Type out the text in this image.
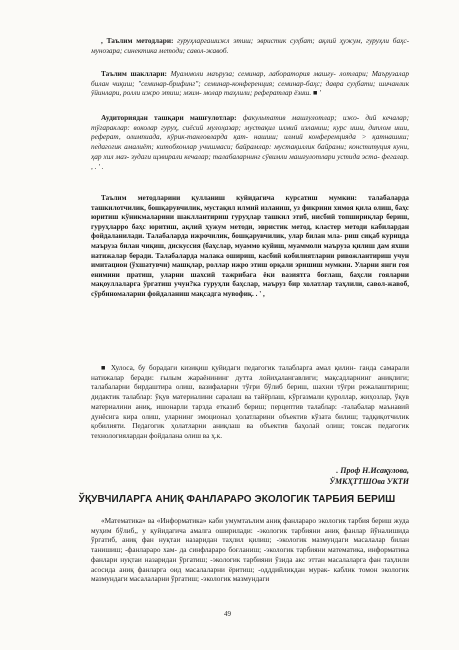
, Таълим методлари: гуруҳларгашижл этиш; эвристик суҳбат; ақлий ҳужум, гуруҳли баҳс-мунозара; синектика методи; савол-жавоб.
Таълим шакллари: Муаммоли маъруза; семинар, лаборатория машғу- лотлари; Маърузалар билан чиқиш; "семинар-брифинг"; семинар-конференция; семинар-баҳс; давра суҳбати; шичанлик ўйинлари, ролли ижро этиш; мзим- молар таҳлили; рефератлар ёзиш. ■ '
Аудиториядан ташқари машғулотлар: факультатив машғулотлар; ижо- дий кечалар; тўгараклар: воколар гуруҳ, сиёсий мулоҳазар; мустақил илмий изланиш; курс иши, диплом иши, реферат, олимпиада, кўрик-танловларда қат- нашиш; илмий конференцияда > қатнашиш; педагогик амалиёт; китобхонлар учишмаси; байрамлар: мустақиллик байрами; конституция куни, ҳар хил маз- зудаги щзвирали кечалар; талабаларнинг сўвимли машғулотлари устида эста- фегалар. , . ' .
Таълим методларини қулланиш куйидагича курсатиш мумкин: талабаларда ташкилотчилик, бошқарувчилик, мустақил илмий изланиш, уз фикрини химоя қила олиш, баҳс юритиш кўникмаларини шакллантириш гуруҳлар ташкил этиб, нисбий топшириқлар бериш, гуруҳларро баҳс юритиш, ақлий ҳужум методи, эвристик метод, кластер методи кабилардан фойдаланилади. Талабаларда ижрочилик, бошқарувчилик, улар билан мла- риш сиқаб курицда маъруза билан чиқиш, дискуссия (баҳслар, муаммо куйиш, муаммоли маъруза қилиш дам яхши натижалар беради. Талабаларда малака ошириш, касбий кобилиятларни ривожлантириш учун имитацион (ўхшатувчи) машқлар, роллар ижро этиш орқали эришиш мумкин. Уларни янги гоя енимини пратиш, уларни шахсий тажрибага ёки вазиятга боғлаш, баҳсли гояларни мақоуллаларга ўргатиш учун?ка гуруҳли баҳслар, маъруз бир холатлар таҳлили, савол-жавоб, сўрбиномаларни фойдаланиш мақсадга мувофиқ. . ' ,
■ Хулоса, бу борадаги кизиқиш қуйидаги педагогик талабларга амал қилин- ганда самарали натижалар беради: ғылым жараёнининг дутта лойиҳалангавлиги; мақсадларнинг аниқлиги; талабаларни бирдаштира олиш, вазифаларни тўғри бўлиб бериш, шахни тўғри режалаштириш; дидактик талаблар: ўқув материалини саралаш ва тайёрлаш, кўргазмали қуроллар, жиҳозлар, ўқув материалини аниқ, ишонарли тарзда етказиб бериш; перцептив талаблар: -талабалар маънавий дунёсига кира олиш, уларнинг эмоционал ҳолатларини объектив кўзата билиш; тадқиқотчилик қобилияти. Педагогик ҳолатларни аниқлаш ва объектив баҳолай олиш; токсак педагогик технологиялардан фойдалана олиш ва ҳ.к.
. Проф Н.Исақулова,
ЎМКҲТТШОва УКТИ
ЎҚУВЧИЛАРГА АНИҚ ФАНЛАРАРО ЭКОЛОГИК ТАРБИЯ БЕРИШ
«Математика» ва «Информатика» каби умумтаълим аниқ фанлараро экологик тарбия бериш жуда муҳим бўлиб,, у қуйидагича амалга оширилади: -экологик тарбияни аниқ фанлар йўналишида ўргатиб, аниқ фан нуқтаи назаридан таҳлил қилиш; -экологик мазмундаги масалалар билан танишиш; -фанлараро хам- да синфлараро боғланиш; -экологик тарбияни математика, информатика фанлари нуқтаи назаридан ўргатиш; -экологик тарбияни ўзида акс эттан масалаларга фан таҳлили асосида аниқ фанларга оид масалаларни ёритиш; -одддийликдан мурак- каблик томон экологик мазмундаги масалаларни ўргатиш; -экологик мазмундаги
49
